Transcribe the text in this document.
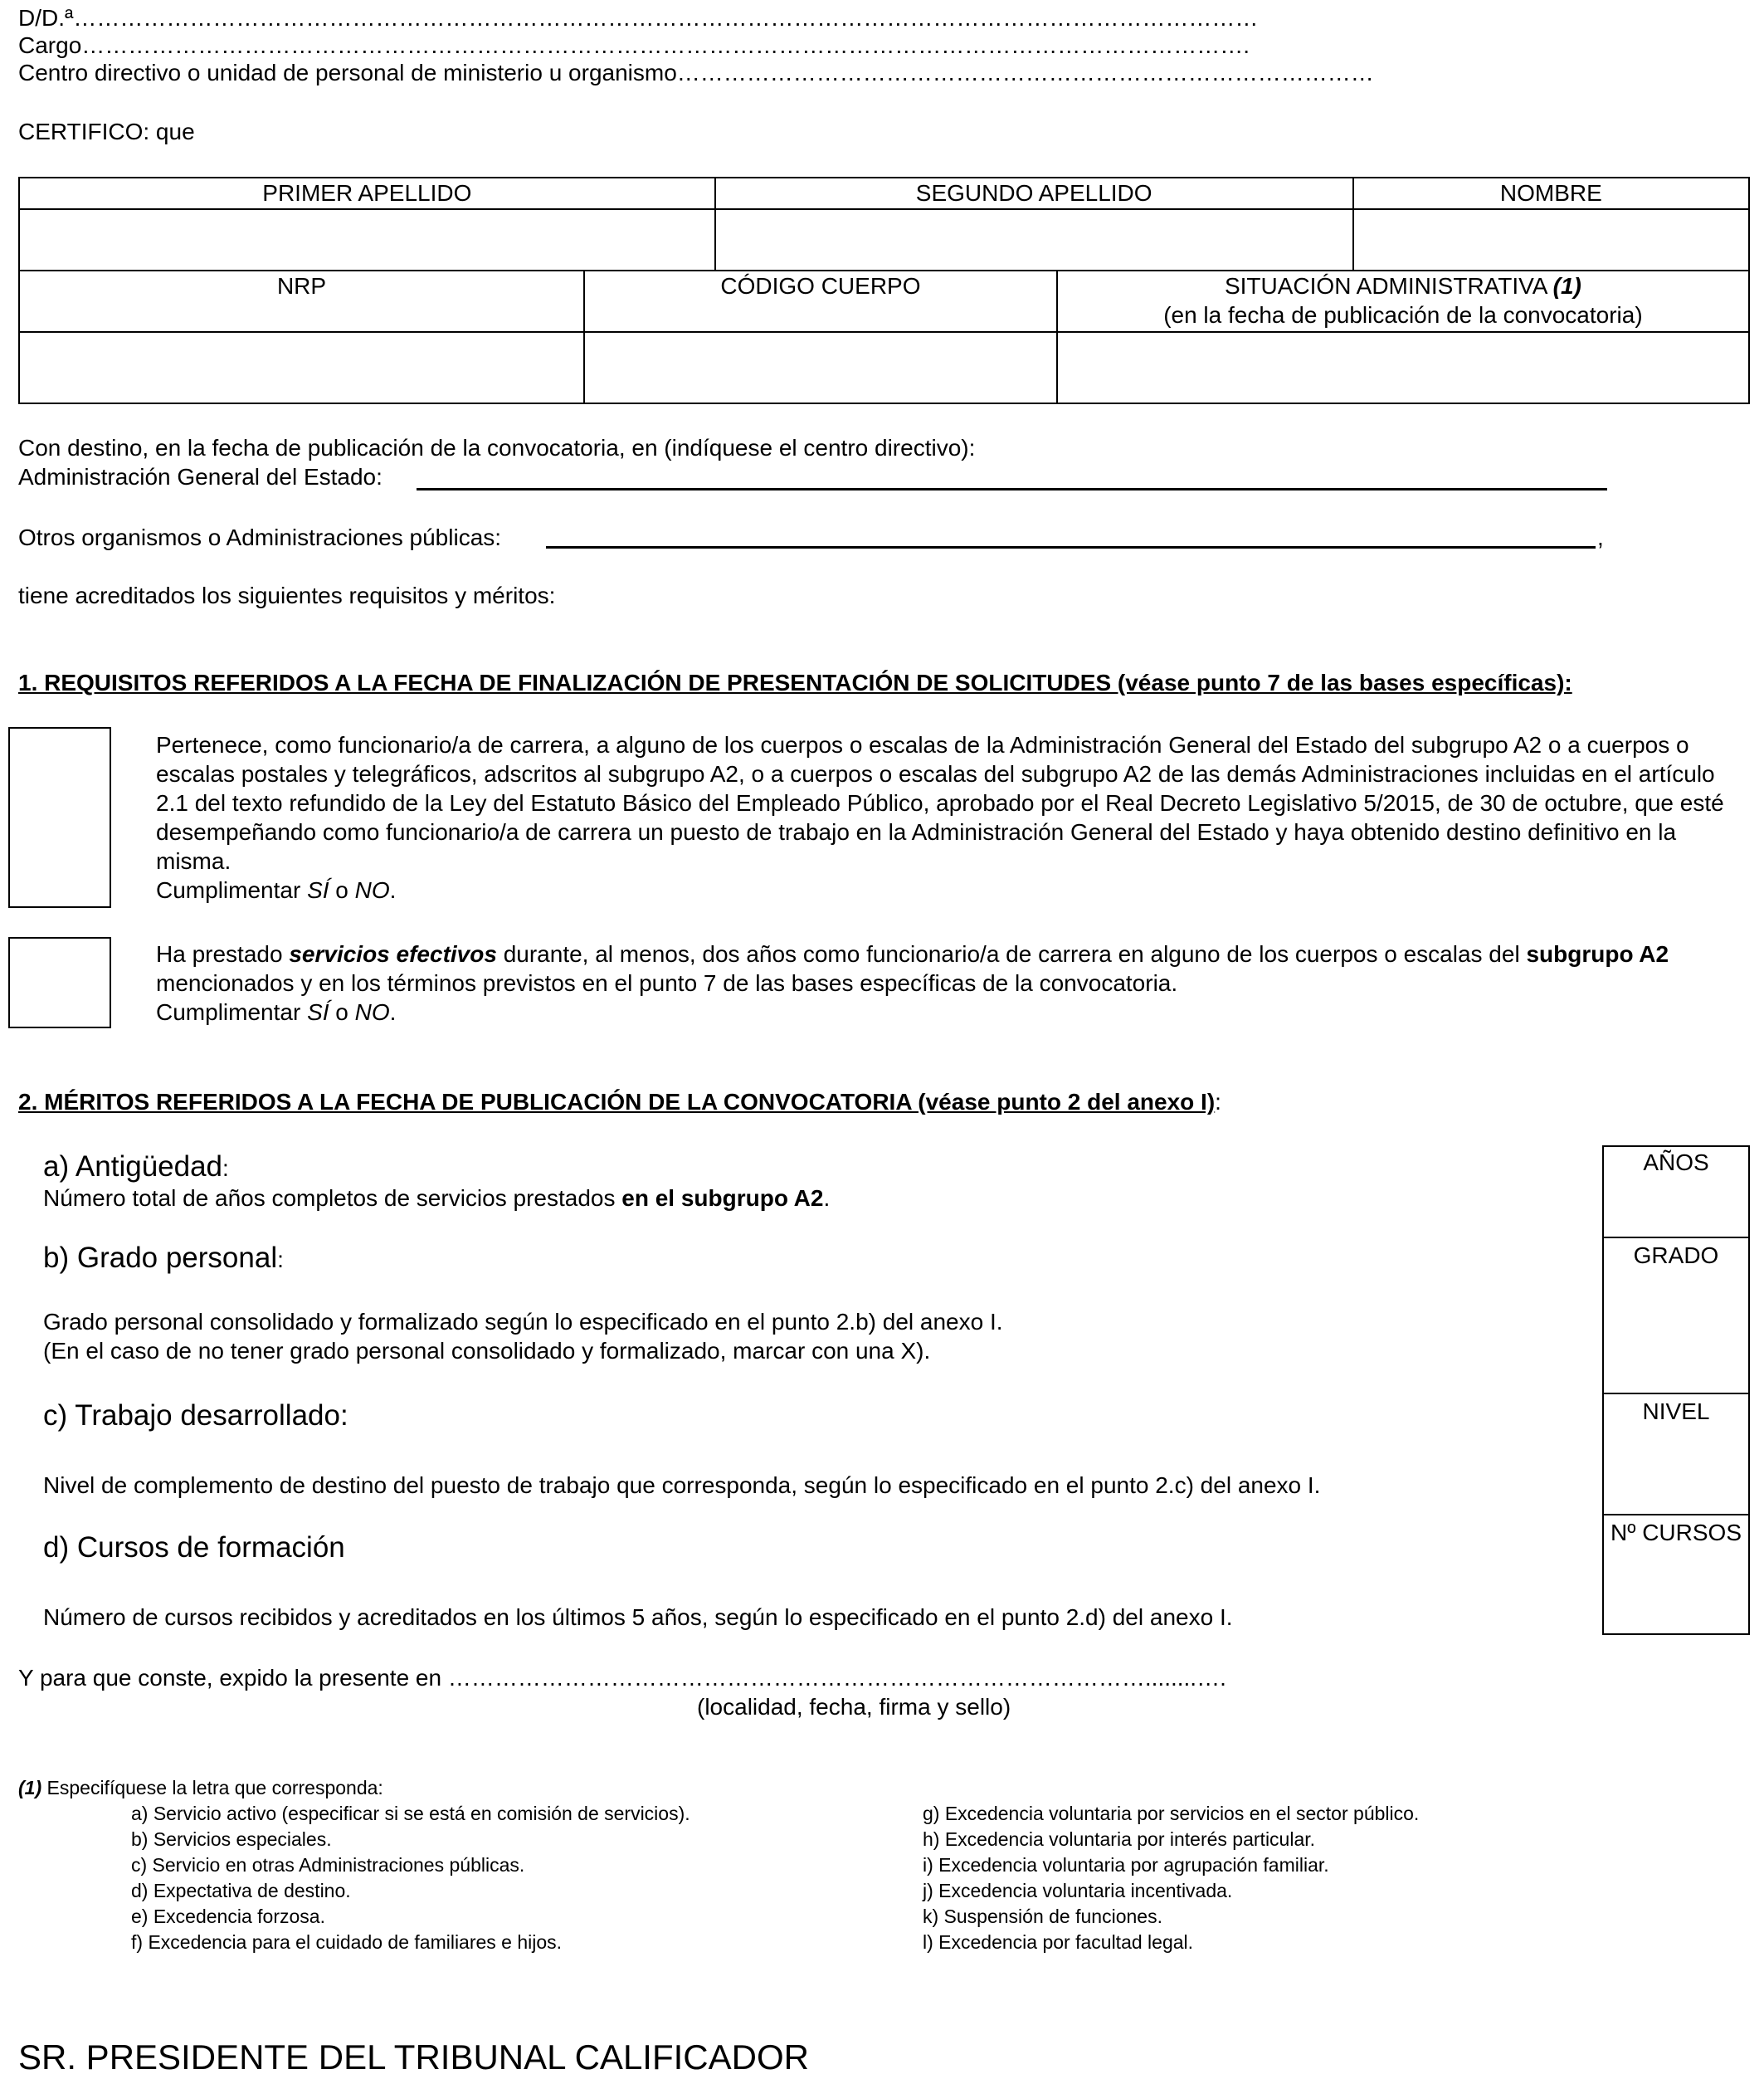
D/D.ª………………………………………………………………………………………………………………………………………
Cargo…………………………………………………………………………………………………………………………………….
Centro directivo o unidad de personal de ministerio u organismo………………………………………………………………………………
CERTIFICO: que
PRIMER APELLIDO	SEGUNDO APELLIDO	NOMBRE

NRP	CÓDIGO CUERPO	SITUACIÓN ADMINISTRATIVA (1)
(en la fecha de publicación de la convocatoria)

Con destino, en la fecha de publicación de la convocatoria, en (indíquese el centro directivo):
Administración General del Estado:
Otros organismos o Administraciones públicas:	,
tiene acreditados los siguientes requisitos y méritos:
1. REQUISITOS REFERIDOS A LA FECHA DE FINALIZACIÓN DE PRESENTACIÓN DE SOLICITUDES (véase punto 7 de las bases específicas):
Pertenece, como funcionario/a de carrera, a alguno de los cuerpos o escalas de la Administración General del Estado del subgrupo A2 o a cuerpos o escalas postales y telegráficos, adscritos al subgrupo A2, o a cuerpos o escalas del subgrupo A2 de las demás Administraciones incluidas en el artículo 2.1 del texto refundido de la Ley del Estatuto Básico del Empleado Público, aprobado por el Real Decreto Legislativo 5/2015, de 30 de octubre, que esté desempeñando como funcionario/a de carrera un puesto de trabajo en la Administración General del Estado y haya obtenido destino definitivo en la misma.
Cumplimentar SÍ o NO.
Ha prestado servicios efectivos durante, al menos, dos años como funcionario/a de carrera en alguno de los cuerpos o escalas del subgrupo A2 mencionados y en los términos previstos en el punto 7 de las bases específicas de la convocatoria.
Cumplimentar SÍ o NO.
2. MÉRITOS REFERIDOS A LA FECHA DE PUBLICACIÓN DE LA CONVOCATORIA (véase punto 2 del anexo I):
a) Antigüedad:
Número total de años completos de servicios prestados en el subgrupo A2.
b) Grado personal:
Grado personal consolidado y formalizado según lo especificado en el punto 2.b) del anexo I.
(En el caso de no tener grado personal consolidado y formalizado, marcar con una X).
c) Trabajo desarrollado:
Nivel de complemento de destino del puesto de trabajo que corresponda, según lo especificado en el punto 2.c) del anexo I.
d) Cursos de formación
Número de cursos recibidos y acreditados en los últimos 5 años, según lo especificado en el punto 2.d) del anexo I.
AÑOS
GRADO
NIVEL
Nº CURSOS
Y para que conste, expido la presente en ………………………………………………………………………………........….
(localidad, fecha, firma y sello)
(1) Especifíquese la letra que corresponda:
a) Servicio activo (especificar si se está en comisión de servicios).
b) Servicios especiales.
c) Servicio en otras Administraciones públicas.
d) Expectativa de destino.
e) Excedencia forzosa.
f) Excedencia para el cuidado de familiares e hijos.
g) Excedencia voluntaria por servicios en el sector público.
h) Excedencia voluntaria por interés particular.
i) Excedencia voluntaria por agrupación familiar.
j) Excedencia voluntaria incentivada.
k) Suspensión de funciones.
l) Excedencia por facultad legal.
SR. PRESIDENTE DEL TRIBUNAL CALIFICADOR
